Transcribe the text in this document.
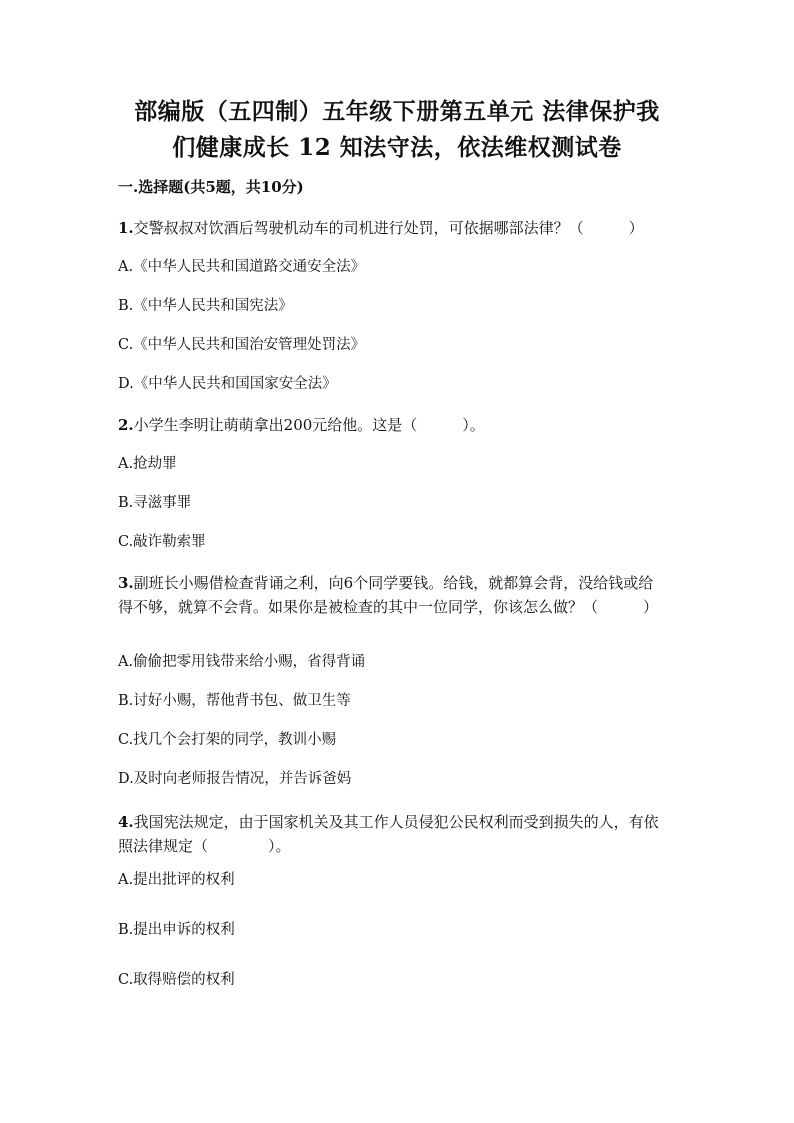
部编版（五四制）五年级下册第五单元 法律保护我
们健康成长 12 知法守法，依法维权测试卷
一.选择题(共5题，共10分)
1.交警叔叔对饮酒后驾驶机动车的司机进行处罚，可依据哪部法律？（　　　）
A.《中华人民共和国道路交通安全法》
B.《中华人民共和国宪法》
C.《中华人民共和国治安管理处罚法》
D.《中华人民共和国国家安全法》
2.小学生李明让萌萌拿出200元给他。这是（　　　）。
A.抢劫罪
B.寻滋事罪
C.敲诈勒索罪
3.副班长小赐借检查背诵之利，向6个同学要钱。给钱，就都算会背，没给钱或给得不够，就算不会背。如果你是被检查的其中一位同学，你该怎么做？（　　　）
A.偷偷把零用钱带来给小赐，省得背诵
B.讨好小赐，帮他背书包、做卫生等
C.找几个会打架的同学，教训小赐
D.及时向老师报告情况，并告诉爸妈
4.我国宪法规定，由于国家机关及其工作人员侵犯公民权利而受到损失的人，有依照法律规定（　　　　）。
A.提出批评的权利
B.提出申诉的权利
C.取得赔偿的权利
